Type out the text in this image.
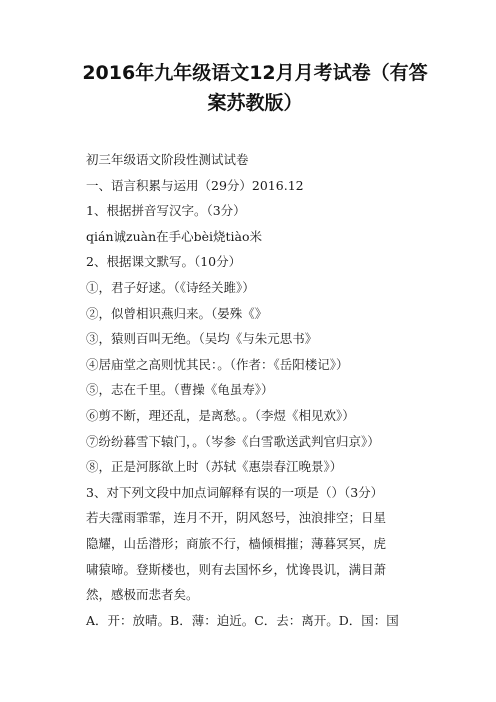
2016年九年级语文12月月考试卷（有答
案苏教版）
初三年级语文阶段性测试试卷
一、语言积累与运用（29分）2016.12
1、根据拼音写汉字。（3分）
qián诚zuàn在手心bèi烧tiào米
2、根据课文默写。（10分）
①，君子好逑。（《诗经关雎》）
②，似曾相识燕归来。（晏殊《》
③，猿则百叫无绝。（吴均《与朱元思书》
④居庙堂之高则忧其民：。（作者：《岳阳楼记》）
⑤，志在千里。（曹操《龟虽寿》）
⑥剪不断，理还乱，是离愁。。（李煜《相见欢》）
⑦纷纷暮雪下辕门，。（岑参《白雪歌送武判官归京》）
⑧，正是河豚欲上时（苏轼《惠崇春江晚景》）
3、对下列文段中加点词解释有误的一项是（）（3分）
若夫霪雨霏霏，连月不开，阴风怒号，浊浪排空；日星
隐耀，山岳潜形；商旅不行，樯倾楫摧；薄暮冥冥，虎
啸猿啼。登斯楼也，则有去国怀乡，忧谗畏讥，满目萧
然，感极而悲者矣。
A．开：放晴。B．薄：迫近。C．去：离开。D．国：国
